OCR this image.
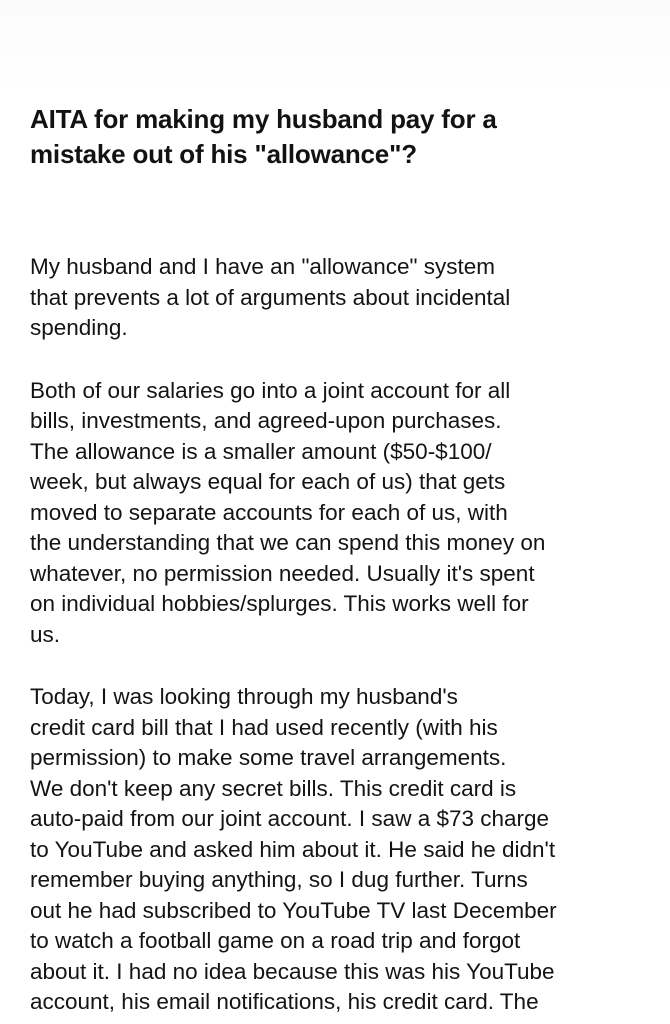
AITA for making my husband pay for a
mistake out of his "allowance"?

My husband and I have an "allowance" system
that prevents a lot of arguments about incidental
spending.

Both of our salaries go into a joint account for all
bills, investments, and agreed-upon purchases.
The allowance is a smaller amount ($50-$100/
week, but always equal for each of us) that gets
moved to separate accounts for each of us, with
the understanding that we can spend this money on
whatever, no permission needed. Usually it's spent
on individual hobbies/splurges. This works well for
us.

Today, I was looking through my husband's
credit card bill that I had used recently (with his
permission) to make some travel arrangements.
We don't keep any secret bills. This credit card is
auto-paid from our joint account. I saw a $73 charge
to YouTube and asked him about it. He said he didn't
remember buying anything, so I dug further. Turns
out he had subscribed to YouTube TV last December
to watch a football game on a road trip and forgot
about it. I had no idea because this was his YouTube
account, his email notifications, his credit card. The
